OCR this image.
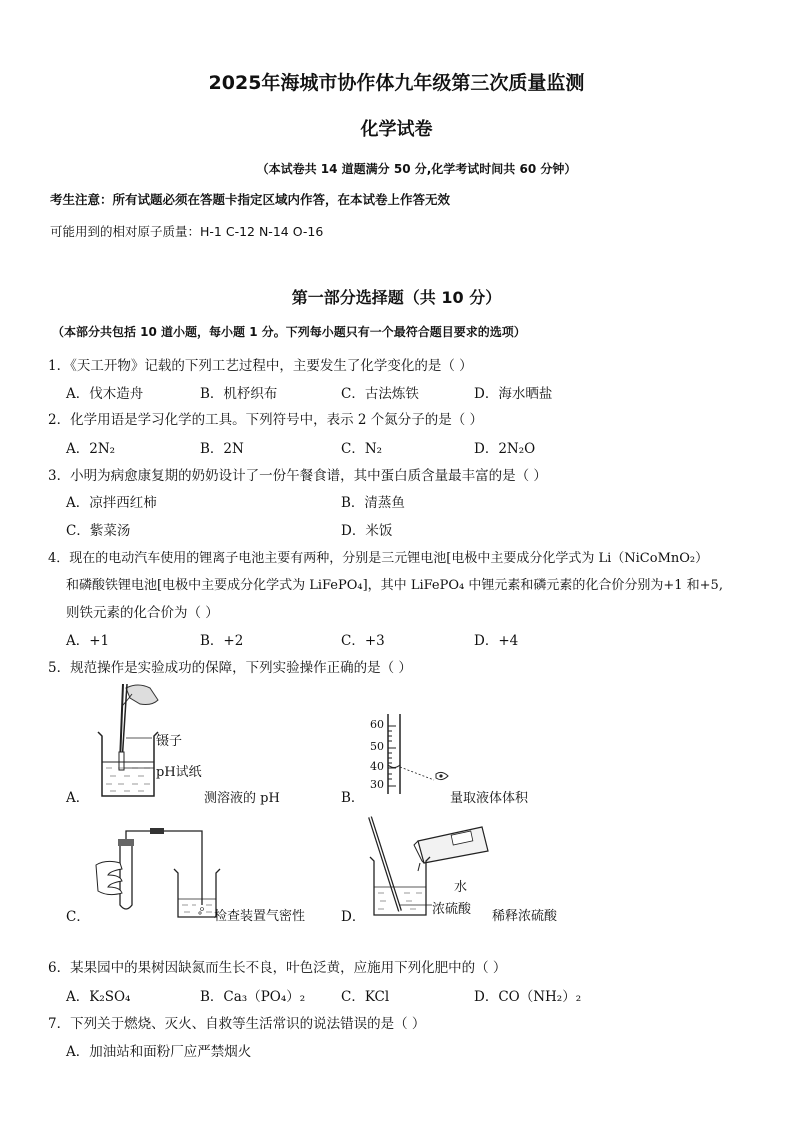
2025年海城市协作体九年级第三次质量监测
化学试卷
（本试卷共 14 道题满分 50 分,化学考试时间共 60 分钟）
考生注意：所有试题必须在答题卡指定区域内作答，在本试卷上作答无效
可能用到的相对原子质量：H-1 C-12 N-14 O-16
第一部分选择题（共 10 分）
（本部分共包括 10 道小题，每小题 1 分。下列每小题只有一个最符合题目要求的选项）
1．《天工开物》记载的下列工艺过程中，主要发生了化学变化的是（ ）
A．伐木造舟	B．机杼织布	C．古法炼铁	D．海水晒盐
2．化学用语是学习化学的工具。下列符号中，表示 2 个氮分子的是（ ）
A．2N₂	B．2N	C．N₂	D．2N₂O
3．小明为病愈康复期的奶奶设计了一份午餐食谱，其中蛋白质含量最丰富的是（ ）
A．凉拌西红柿	B．清蒸鱼
C．紫菜汤	D．米饭
4．现在的电动汽车使用的锂离子电池主要有两种，分别是三元锂电池[电极中主要成分化学式为 Li（NiCoMnO₂）
和磷酸铁锂电池[电极中主要成分化学式为 LiFePO₄]，其中 LiFePO₄ 中锂元素和磷元素的化合价分别为+1 和+5,
则铁元素的化合价为（ ）
A．+1	B．+2	C．+3	D．+4
5．规范操作是实验成功的保障，下列实验操作正确的是（ ）
A．
镊子
pH试纸
测溶液的 pH	B．
60
50
40
30
量取液体体积
C．	检查装置气密性	D．
水
浓硫酸 稀释浓硫酸
6．某果园中的果树因缺氮而生长不良，叶色泛黄，应施用下列化肥中的（ ）
A．K₂SO₄	B．Ca₃（PO₄）₂	C．KCl	D．CO（NH₂）₂
7．下列关于燃烧、灭火、自救等生活常识的说法错误的是（ ）
A．加油站和面粉厂应严禁烟火
